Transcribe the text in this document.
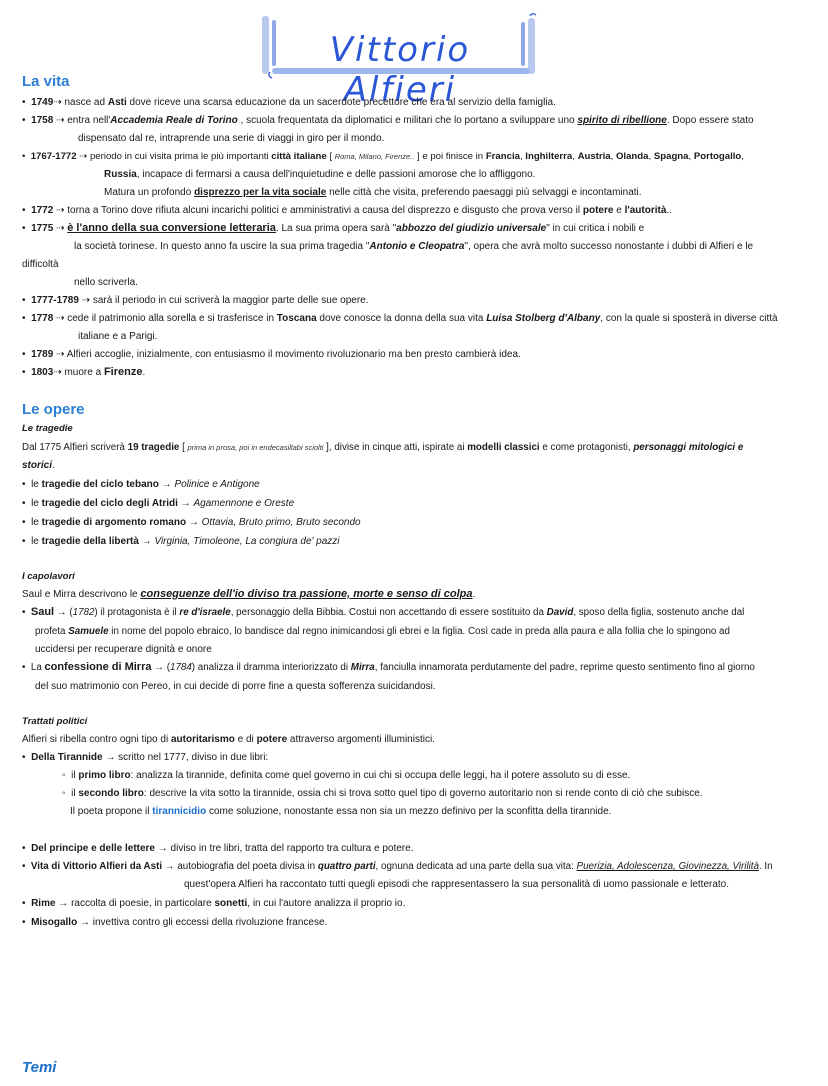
Vittorio Alfieri
La vita
•  1749⇢ nasce ad Asti dove riceve una scarsa educazione da un sacerdote precettore che era al servizio della famiglia.
•  1758 ⇢ entra nell'Accademia Reale di Torino , scuola frequentata da diplomatici e militari che lo portano a sviluppare uno spirito di ribellione. Dopo essere stato
dispensato dal re, intraprende una serie di viaggi in giro per il mondo.
•  1767-1772 ⇢ periodo in cui visita prima le più importanti città italiane [ Roma, Milano, Firenze.. ] e poi finisce in Francia, Inghilterra, Austria, Olanda, Spagna, Portogallo,
Russia, incapace di fermarsi a causa dell'inquietudine e delle passioni amorose che lo affliggono.
Matura un profondo disprezzo per la vita sociale nelle città che visita, preferendo paesaggi più selvaggi e incontaminati.
•  1772 ⇢ torna a Torino dove rifiuta alcuni incarichi politici e amministrativi a causa del disprezzo e disgusto che prova verso il potere e l'autorità..
•  1775 ⇢ è l'anno della sua conversione letteraria. La sua prima opera sarà "abbozzo del giudizio universale" in cui critica i nobili e
la società torinese. In questo anno fa uscire la sua prima tragedia "Antonio e Cleopatra", opera che avrà molto successo nonostante i dubbi di Alfieri e le
difficoltà
nello scriverla.
•  1777-1789 ⇢ sarà il periodo in cui scriverà la maggior parte delle sue opere.
•  1778 ⇢ cede il patrimonio alla sorella e si trasferisce in Toscana dove conosce la donna della sua vita Luisa Stolberg d'Albany, con la quale si sposterà in diverse città
italiane e a Parigi.
•  1789 ⇢ Alfieri accoglie, inizialmente, con entusiasmo il movimento rivoluzionario ma ben presto cambierà idea.
•  1803⇢ muore a Firenze.
Le opere
Le tragedie
Dal 1775 Alfieri scriverà 19 tragedie [ prima in prosa, poi in endecasillabi sciolti ], divise in cinque atti, ispirate ai modelli classici e come protagonisti, personaggi mitologici e
storici.
•  le tragedie del ciclo tebano → Polinice e Antigone
•  le tragedie del ciclo degli Atridi → Agamennone e Oreste
•  le tragedie di argomento romano → Ottavia, Bruto primo, Bruto secondo
•  le tragedie della libertà → Virginia, Timoleone, La congiura de' pazzi
I capolavori
Saul e Mirra descrivono le conseguenze dell'io diviso tra passione, morte e senso di colpa.
•  Saul → (1782) il protagonista è il re d'israele, personaggio della Bibbia. Costui non accettando di essere sostituito da David, sposo della figlia, sostenuto anche dal
profeta Samuele in nome del popolo ebraico, lo bandisce dal regno inimicandosi gli ebrei e la figlia. Così cade in preda alla paura e alla follia che lo spingono ad
uccidersi per recuperare dignità e onore
•  La confessione di Mirra → (1784) analizza il dramma interiorizzato di Mirra, fanciulla innamorata perdutamente del padre, reprime questo sentimento fino al giorno
del suo matrimonio con Pereo, in cui decide di porre fine a questa sofferenza suicidandosi.
Trattati politici
Alfieri si ribella contro ogni tipo di autoritarismo e di potere attraverso argomenti illuministici.
•  Della Tirannide → scritto nel 1777, diviso in due libri:
◦  il primo libro: analizza la tirannide, definita come quel governo in cui chi si occupa delle leggi, ha il potere assoluto su di esse.
◦  il secondo libro: descrive la vita sotto la tirannide, ossia chi si trova sotto quel tipo di governo autoritario non si rende conto di ciò che subisce.
Il poeta propone il tirannicidio come soluzione, nonostante essa non sia un mezzo definivo per la sconfitta della tirannide.
•  Del principe e delle lettere → diviso in tre libri, tratta del rapporto tra cultura e potere.
•  Vita di Vittorio Alfieri da Asti → autobiografia del poeta divisa in quattro parti, ognuna dedicata ad una parte della sua vita: Puerizia, Adolescenza, Giovinezza, Virilità. In
quest'opera Alfieri ha raccontato tutti quegli episodi che rappresentassero la sua personalità di uomo passionale e letterato.
•  Rime → raccolta di poesie, in particolare sonetti, in cui l'autore analizza il proprio io.
•  Misogallo → invettiva contro gli eccessi della rivoluzione francese.
Temi
